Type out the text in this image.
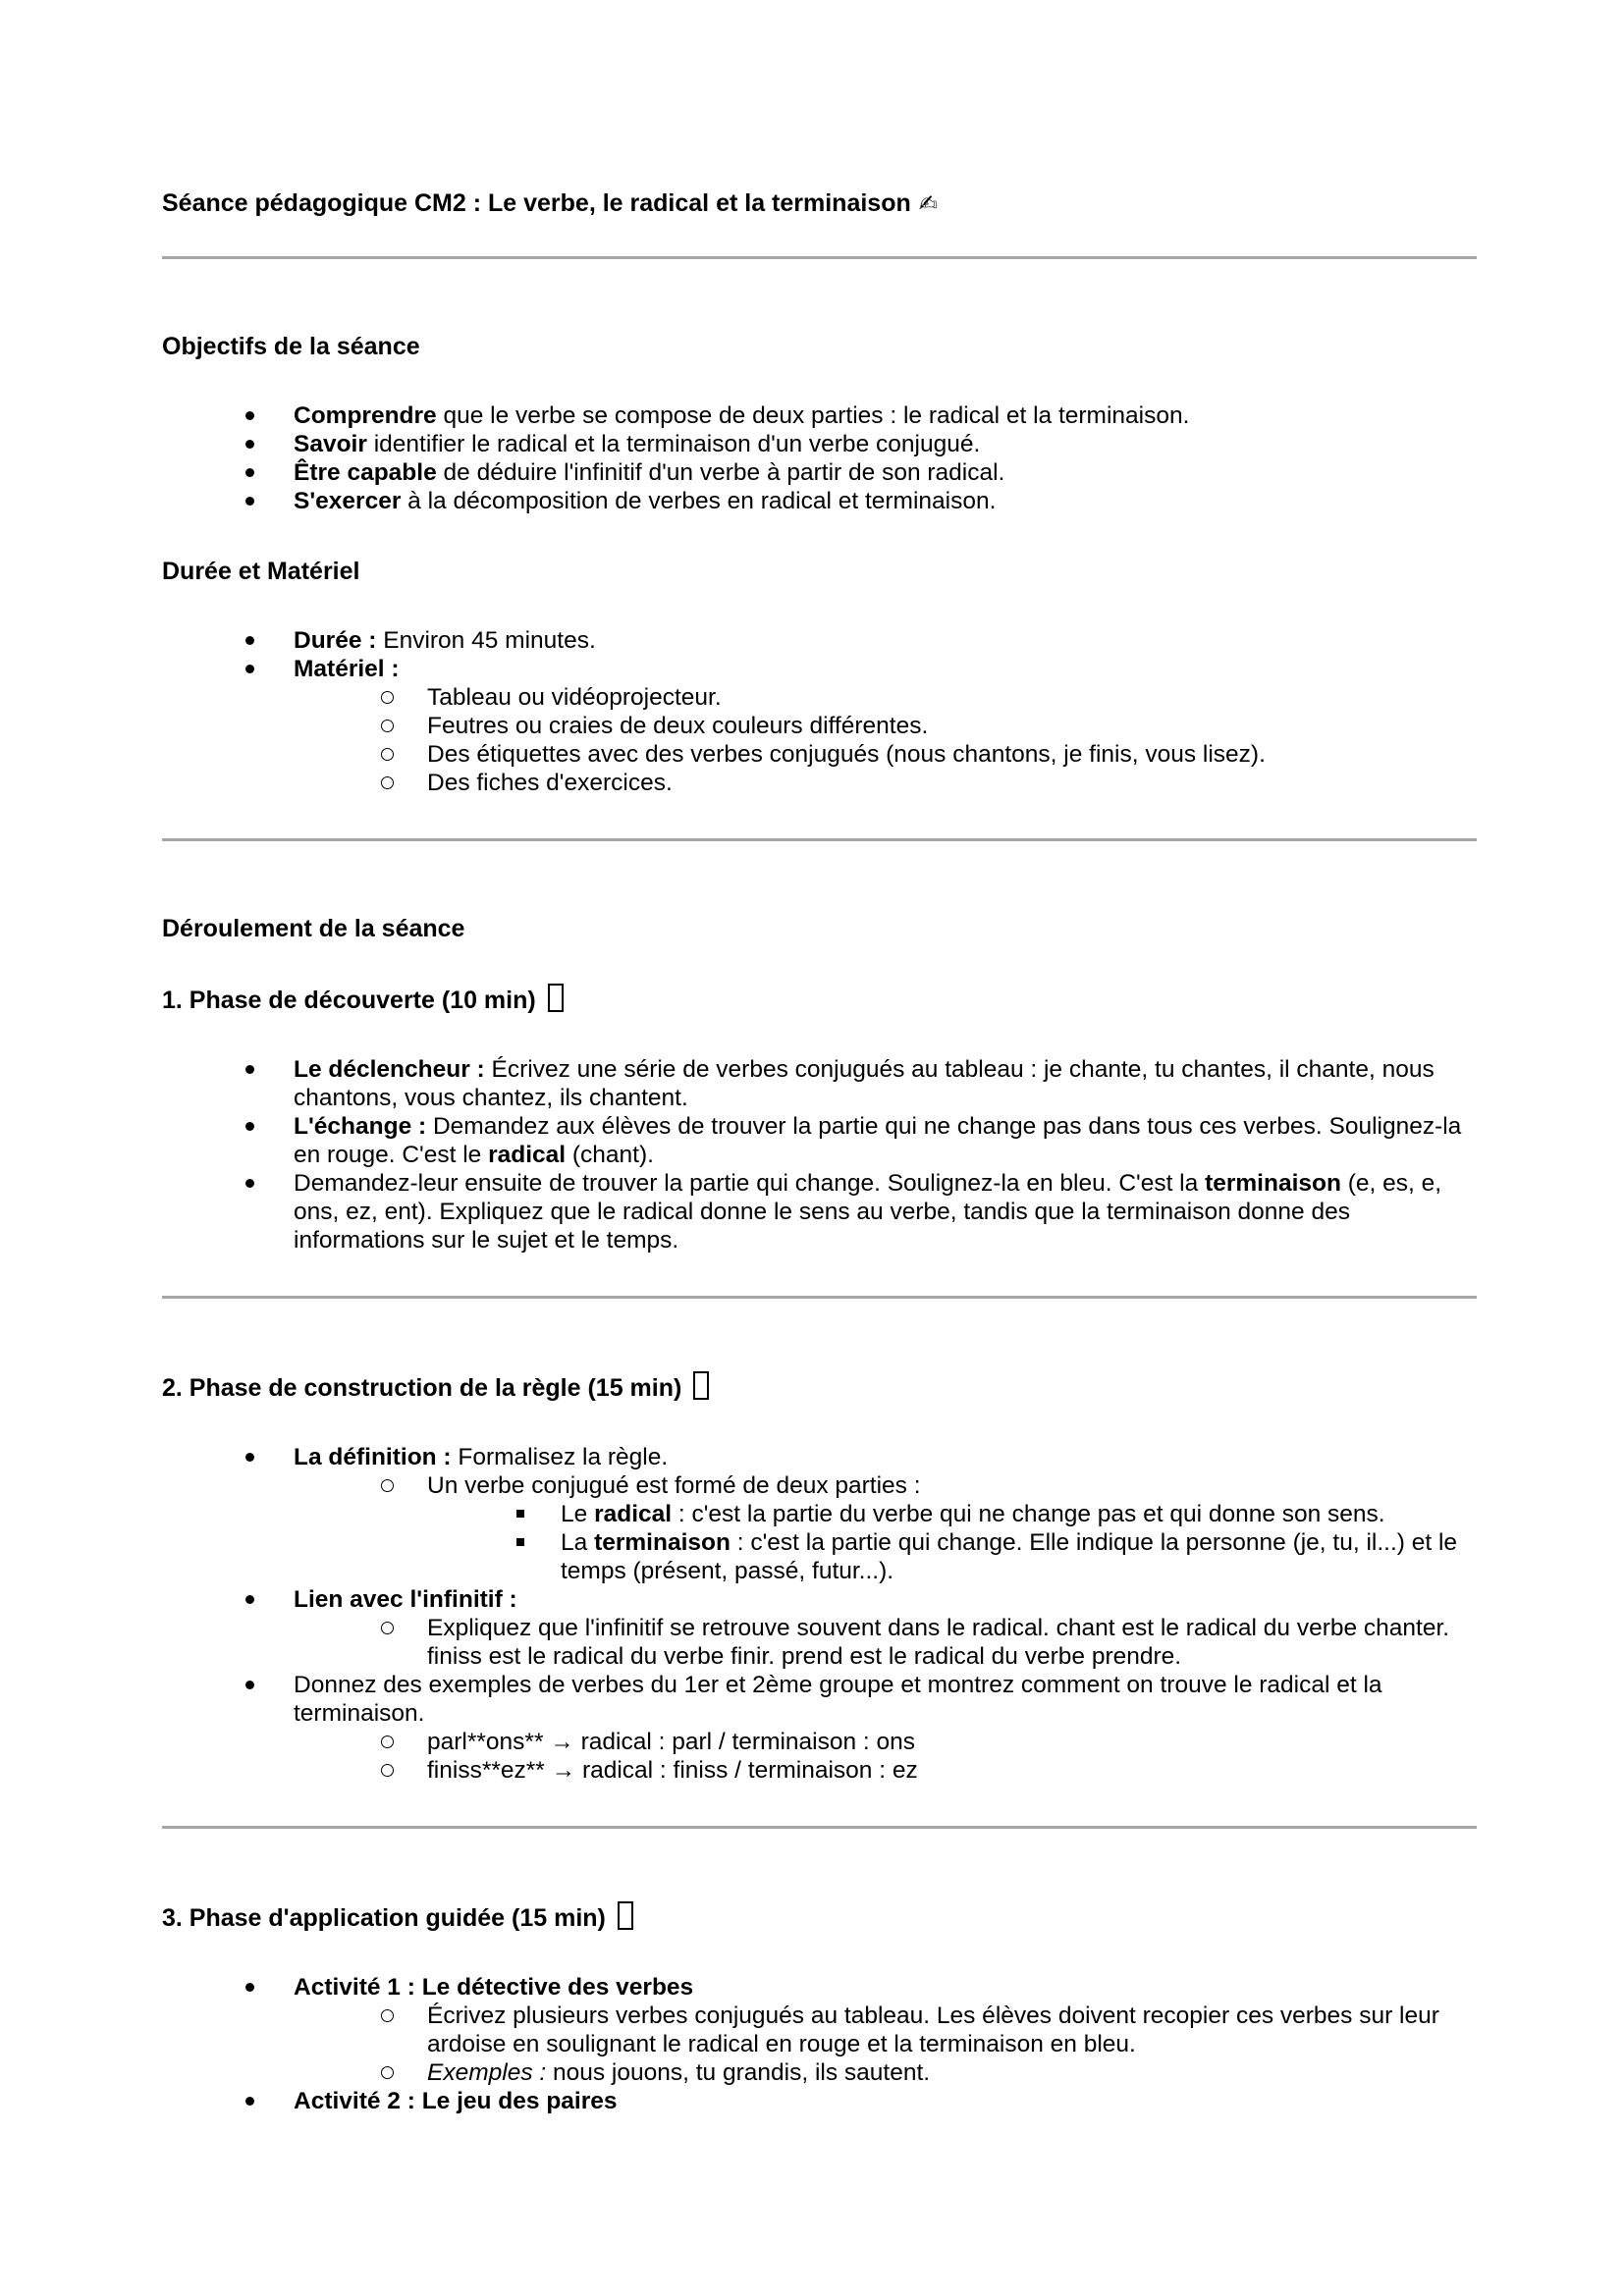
Séance pédagogique CM2 : Le verbe, le radical et la terminaison ✍
Objectifs de la séance
Comprendre que le verbe se compose de deux parties : le radical et la terminaison.
Savoir identifier le radical et la terminaison d'un verbe conjugué.
Être capable de déduire l'infinitif d'un verbe à partir de son radical.
S'exercer à la décomposition de verbes en radical et terminaison.
Durée et Matériel
Durée : Environ 45 minutes.
Matériel :
Tableau ou vidéoprojecteur.
Feutres ou craies de deux couleurs différentes.
Des étiquettes avec des verbes conjugués (nous chantons, je finis, vous lisez).
Des fiches d'exercices.
Déroulement de la séance
1. Phase de découverte (10 min)
Le déclencheur : Écrivez une série de verbes conjugués au tableau : je chante, tu chantes, il chante, nous chantons, vous chantez, ils chantent.
L'échange : Demandez aux élèves de trouver la partie qui ne change pas dans tous ces verbes. Soulignez-la en rouge. C'est le radical (chant).
Demandez-leur ensuite de trouver la partie qui change. Soulignez-la en bleu. C'est la terminaison (e, es, e, ons, ez, ent). Expliquez que le radical donne le sens au verbe, tandis que la terminaison donne des informations sur le sujet et le temps.
2. Phase de construction de la règle (15 min)
La définition : Formalisez la règle.
Un verbe conjugué est formé de deux parties :
Le radical : c'est la partie du verbe qui ne change pas et qui donne son sens.
La terminaison : c'est la partie qui change. Elle indique la personne (je, tu, il...) et le temps (présent, passé, futur...).
Lien avec l'infinitif :
Expliquez que l'infinitif se retrouve souvent dans le radical. chant est le radical du verbe chanter. finiss est le radical du verbe finir. prend est le radical du verbe prendre.
Donnez des exemples de verbes du 1er et 2ème groupe et montrez comment on trouve le radical et la terminaison.
parl**ons** → radical : parl / terminaison : ons
finiss**ez** → radical : finiss / terminaison : ez
3. Phase d'application guidée (15 min)
Activité 1 : Le détective des verbes
Écrivez plusieurs verbes conjugués au tableau. Les élèves doivent recopier ces verbes sur leur ardoise en soulignant le radical en rouge et la terminaison en bleu.
Exemples : nous jouons, tu grandis, ils sautent.
Activité 2 : Le jeu des paires
